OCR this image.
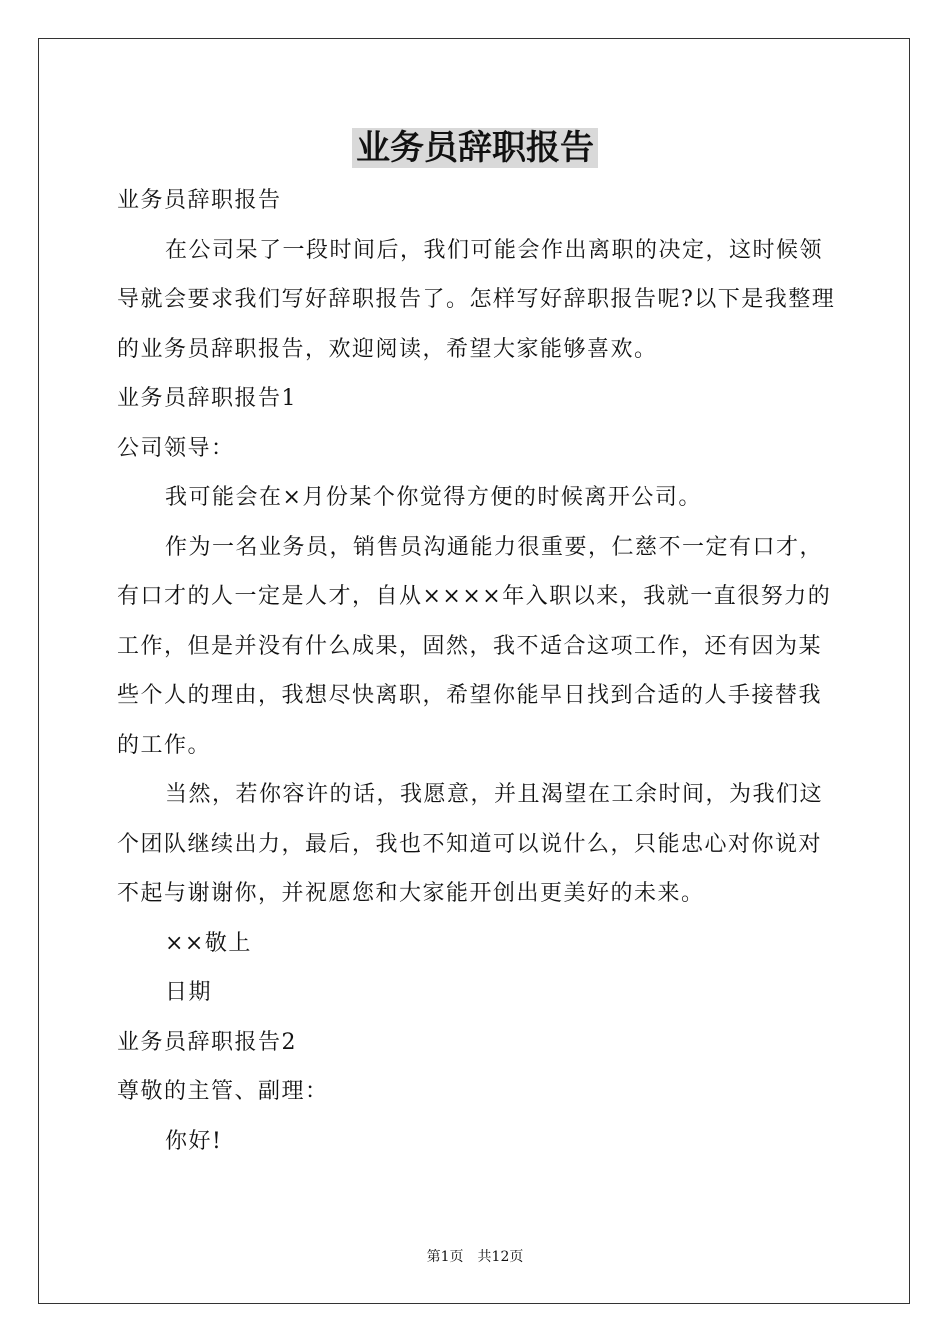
业务员辞职报告

业务员辞职报告

在公司呆了一段时间后，我们可能会作出离职的决定，这时候领导就会要求我们写好辞职报告了。怎样写好辞职报告呢?以下是我整理的业务员辞职报告，欢迎阅读，希望大家能够喜欢。

业务员辞职报告1

公司领导：

我可能会在×月份某个你觉得方便的时候离开公司。

作为一名业务员，销售员沟通能力很重要，仁慈不一定有口才，有口才的人一定是人才，自从××××年入职以来，我就一直很努力的工作，但是并没有什么成果，固然，我不适合这项工作，还有因为某些个人的理由，我想尽快离职，希望你能早日找到合适的人手接替我的工作。

当然，若你容许的话，我愿意，并且渴望在工余时间，为我们这个团队继续出力，最后，我也不知道可以说什么，只能忠心对你说对不起与谢谢你，并祝愿您和大家能开创出更美好的未来。

××敬上

日期

业务员辞职报告2

尊敬的主管、副理：

你好!

第1页　共12页
